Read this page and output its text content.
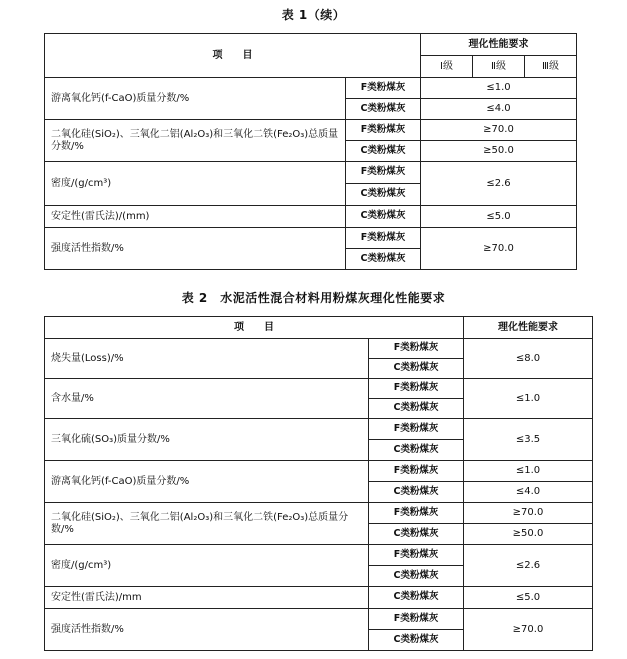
表 1（续）
项　　目		理化性能要求		
		Ⅰ级	Ⅱ级	Ⅲ级
游离氧化钙(f-CaO)质量分数/%	F类粉煤灰	≤1.0		
	C类粉煤灰	≤4.0		
二氧化硅(SiO₂)、三氧化二铝(Al₂O₃)和三氧化二铁(Fe₂O₃)总质量分数/%	F类粉煤灰	≥70.0		
	C类粉煤灰	≥50.0		
密度/(g/cm³)	F类粉煤灰	≤2.6		
	C类粉煤灰			
安定性(雷氏法)/(mm)	C类粉煤灰	≤5.0		
强度活性指数/%	F类粉煤灰	≥70.0		
	C类粉煤灰			
表 2　水泥活性混合材料用粉煤灰理化性能要求
项　　目		理化性能要求
烧失量(Loss)/%	F类粉煤灰	≤8.0
	C类粉煤灰	
含水量/%	F类粉煤灰	≤1.0
	C类粉煤灰	
三氧化硫(SO₃)质量分数/%	F类粉煤灰	≤3.5
	C类粉煤灰	
游离氧化钙(f-CaO)质量分数/%	F类粉煤灰	≤1.0
	C类粉煤灰	≤4.0
二氧化硅(SiO₂)、三氧化二铝(Al₂O₃)和三氧化二铁(Fe₂O₃)总质量分数/%	F类粉煤灰	≥70.0
	C类粉煤灰	≥50.0
密度/(g/cm³)	F类粉煤灰	≤2.6
	C类粉煤灰	
安定性(雷氏法)/mm	C类粉煤灰	≤5.0
强度活性指数/%	F类粉煤灰	≥70.0
	C类粉煤灰	
